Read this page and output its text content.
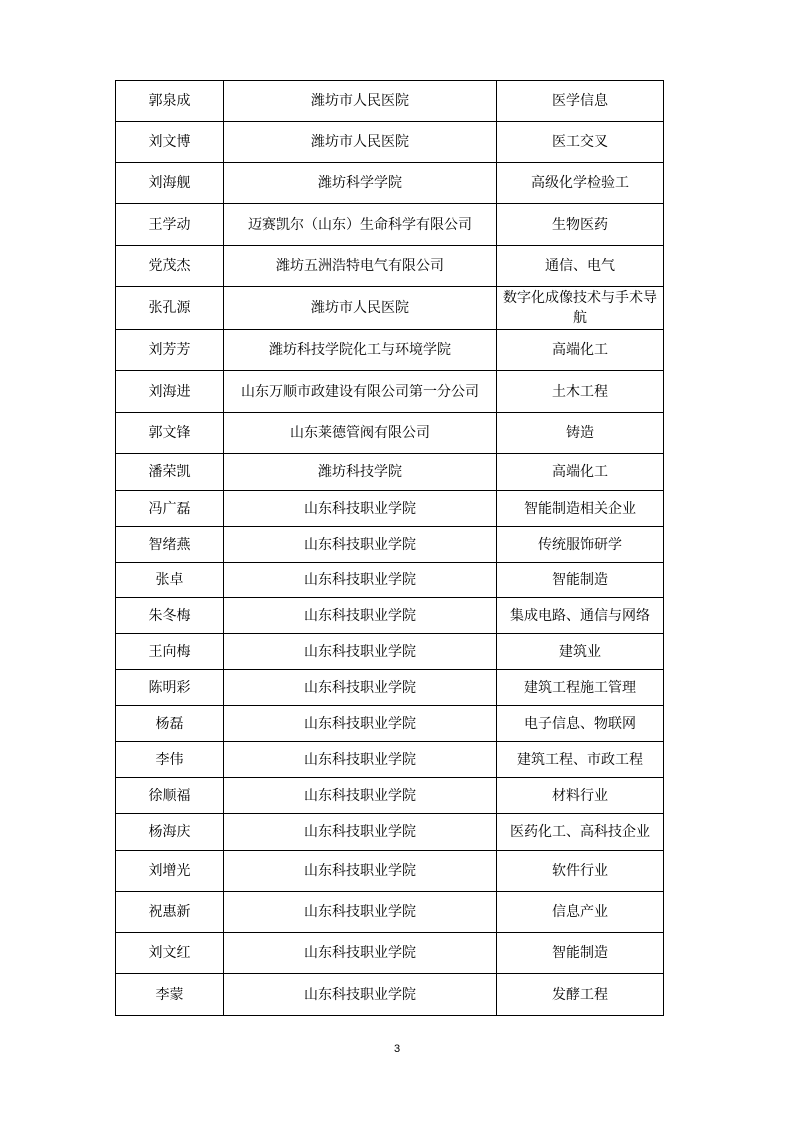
郭泉成	潍坊市人民医院	医学信息
刘文博	潍坊市人民医院	医工交叉
刘海舰	潍坊科学学院	高级化学检验工
王学动	迈赛凯尔（山东）生命科学有限公司	生物医药
党茂杰	潍坊五洲浩特电气有限公司	通信、电气
张孔源	潍坊市人民医院	数字化成像技术与手术导航
刘芳芳	潍坊科技学院化工与环境学院	高端化工
刘海进	山东万顺市政建设有限公司第一分公司	土木工程
郭文锋	山东莱德管阀有限公司	铸造
潘荣凯	潍坊科技学院	高端化工
冯广磊	山东科技职业学院	智能制造相关企业
智绪燕	山东科技职业学院	传统服饰研学
张卓	山东科技职业学院	智能制造
朱冬梅	山东科技职业学院	集成电路、通信与网络
王向梅	山东科技职业学院	建筑业
陈明彩	山东科技职业学院	建筑工程施工管理
杨磊	山东科技职业学院	电子信息、物联网
李伟	山东科技职业学院	建筑工程、市政工程
徐顺福	山东科技职业学院	材料行业
杨海庆	山东科技职业学院	医药化工、高科技企业
刘增光	山东科技职业学院	软件行业
祝惠新	山东科技职业学院	信息产业
刘文红	山东科技职业学院	智能制造
李蒙	山东科技职业学院	发酵工程
3
